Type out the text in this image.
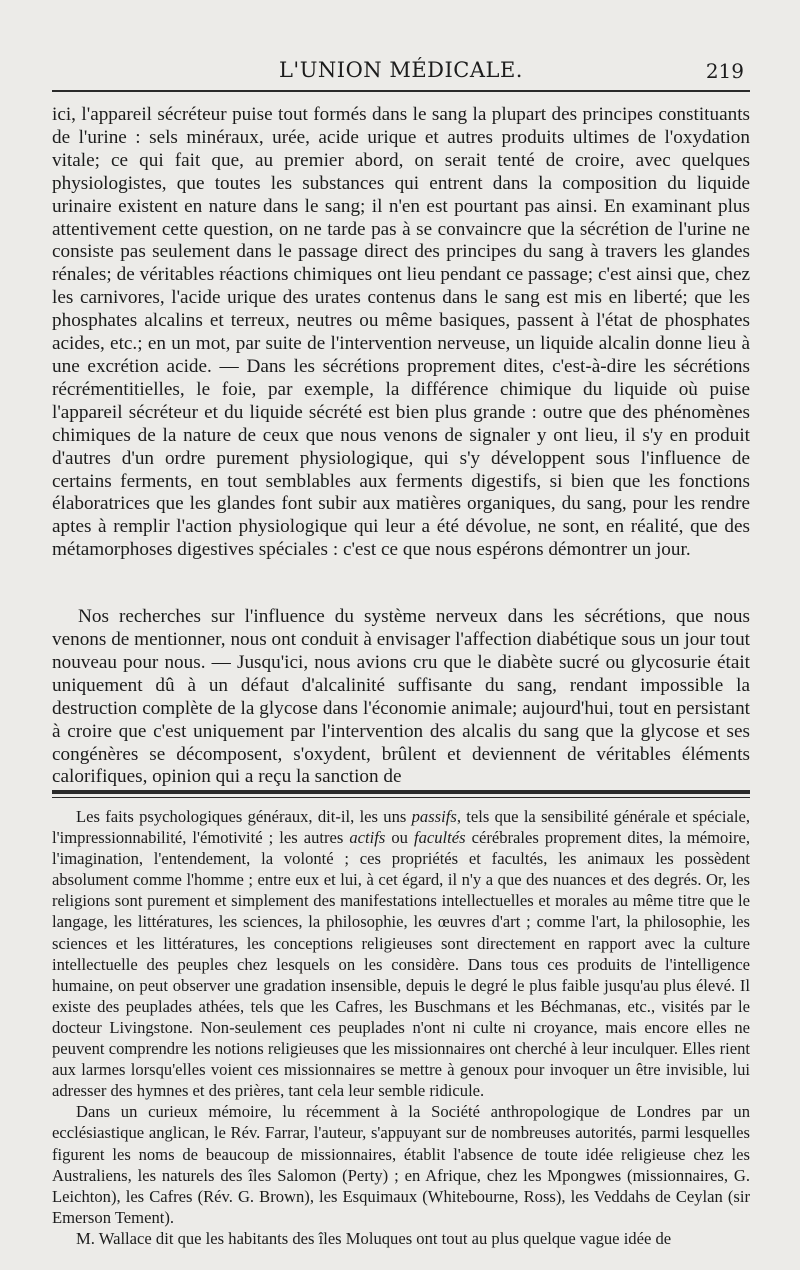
L'UNION MÉDICALE.	219

ici, l'appareil sécréteur puise tout formés dans le sang la plupart des principes constituants de l'urine : sels minéraux, urée, acide urique et autres produits ultimes de l'oxydation vitale; ce qui fait que, au premier abord, on serait tenté de croire, avec quelques physiologistes, que toutes les substances qui entrent dans la composition du liquide urinaire existent en nature dans le sang; il n'en est pourtant pas ainsi. En examinant plus attentivement cette question, on ne tarde pas à se convaincre que la sécrétion de l'urine ne consiste pas seulement dans le passage direct des principes du sang à travers les glandes rénales; de véritables réactions chimiques ont lieu pendant ce passage; c'est ainsi que, chez les carnivores, l'acide urique des urates contenus dans le sang est mis en liberté; que les phosphates alcalins et terreux, neutres ou même basiques, passent à l'état de phosphates acides, etc.; en un mot, par suite de l'intervention nerveuse, un liquide alcalin donne lieu à une excrétion acide. — Dans les sécrétions proprement dites, c'est-à-dire les sécrétions récrémentitielles, le foie, par exemple, la différence chimique du liquide où puise l'appareil sécréteur et du liquide sécrété est bien plus grande : outre que des phénomènes chimiques de la nature de ceux que nous venons de signaler y ont lieu, il s'y en produit d'autres d'un ordre purement physiologique, qui s'y développent sous l'influence de certains ferments, en tout semblables aux ferments digestifs, si bien que les fonctions élaboratrices que les glandes font subir aux matières organiques, du sang, pour les rendre aptes à remplir l'action physiologique qui leur a été dévolue, ne sont, en réalité, que des métamorphoses digestives spéciales : c'est ce que nous espérons démontrer un jour.

Nos recherches sur l'influence du système nerveux dans les sécrétions, que nous venons de mentionner, nous ont conduit à envisager l'affection diabétique sous un jour tout nouveau pour nous. — Jusqu'ici, nous avions cru que le diabète sucré ou glycosurie était uniquement dû à un défaut d'alcalinité suffisante du sang, rendant impossible la destruction complète de la glycose dans l'économie animale; aujourd'hui, tout en persistant à croire que c'est uniquement par l'intervention des alcalis du sang que la glycose et ses congénères se décomposent, s'oxydent, brûlent et deviennent de véritables éléments calorifiques, opinion qui a reçu la sanction de

Les faits psychologiques généraux, dit-il, les uns passifs, tels que la sensibilité générale et spéciale, l'impressionnabilité, l'émotivité ; les autres actifs ou facultés cérébrales proprement dites, la mémoire, l'imagination, l'entendement, la volonté ; ces propriétés et facultés, les animaux les possèdent absolument comme l'homme ; entre eux et lui, à cet égard, il n'y a que des nuances et des degrés. Or, les religions sont purement et simplement des manifestations intellectuelles et morales au même titre que le langage, les littératures, les sciences, la philosophie, les œuvres d'art ; comme l'art, la philosophie, les sciences et les littératures, les conceptions religieuses sont directement en rapport avec la culture intellectuelle des peuples chez lesquels on les considère. Dans tous ces produits de l'intelligence humaine, on peut observer une gradation insensible, depuis le degré le plus faible jusqu'au plus élevé. Il existe des peuplades athées, tels que les Cafres, les Buschmans et les Béchmanas, etc., visités par le docteur Livingstone. Non-seulement ces peuplades n'ont ni culte ni croyance, mais encore elles ne peuvent comprendre les notions religieuses que les missionnaires ont cherché à leur inculquer. Elles rient aux larmes lorsqu'elles voient ces missionnaires se mettre à genoux pour invoquer un être invisible, lui adresser des hymnes et des prières, tant cela leur semble ridicule.

Dans un curieux mémoire, lu récemment à la Société anthropologique de Londres par un ecclésiastique anglican, le Rév. Farrar, l'auteur, s'appuyant sur de nombreuses autorités, parmi lesquelles figurent les noms de beaucoup de missionnaires, établit l'absence de toute idée religieuse chez les Australiens, les naturels des îles Salomon (Perty) ; en Afrique, chez les Mpongwes (missionnaires, G. Leichton), les Cafres (Rév. G. Brown), les Esquimaux (Whitebourne, Ross), les Veddahs de Ceylan (sir Emerson Tement).

M. Wallace dit que les habitants des îles Moluques ont tout au plus quelque vague idée de
